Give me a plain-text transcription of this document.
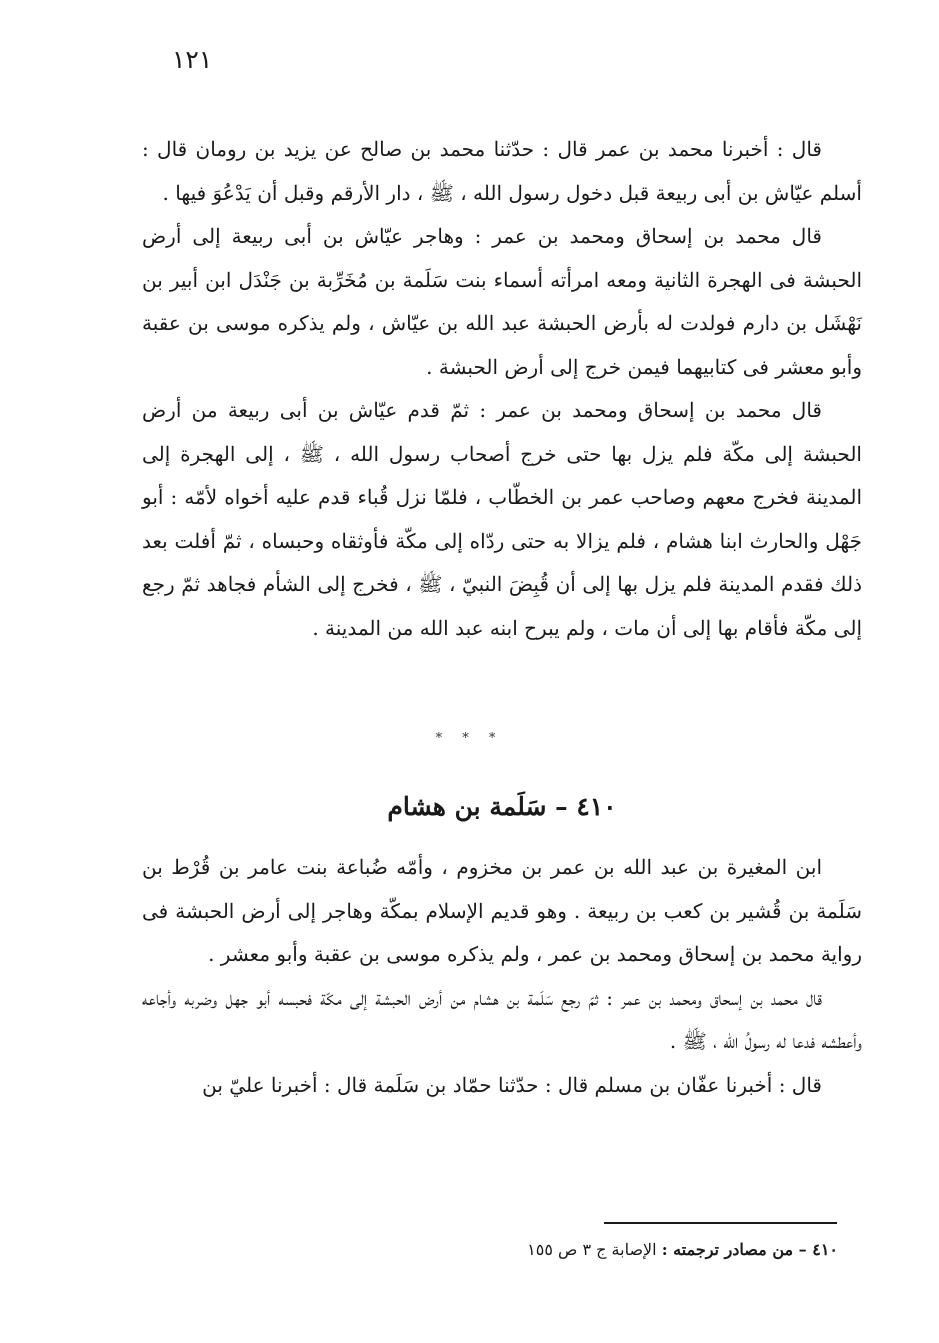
١٢١

قال : أخبرنا محمد بن عمر قال : حدّثنا محمد بن صالح عن يزيد بن رومان قال : أسلم عيّاش بن أبى ربيعة قبل دخول رسول الله ، ﷺ ، دار الأرقم وقبل أن يَدْعُوَ فيها .

قال محمد بن إسحاق ومحمد بن عمر : وهاجر عيّاش بن أبى ربيعة إلى أرض الحبشة فى الهجرة الثانية ومعه امرأته أسماء بنت سَلَمة بن مُخَرِّبة بن جَنْدَل ابن أبير بن نَهْشَل بن دارم فولدت له بأرض الحبشة عبد الله بن عيّاش ، ولم يذكره موسى بن عقبة وأبو معشر فى كتابيهما فيمن خرج إلى أرض الحبشة .

قال محمد بن إسحاق ومحمد بن عمر : ثمّ قدم عيّاش بن أبى ربيعة من أرض الحبشة إلى مكّة فلم يزل بها حتى خرج أصحاب رسول الله ، ﷺ ، إلى الهجرة إلى المدينة فخرج معهم وصاحب عمر بن الخطّاب ، فلمّا نزل قُباء قدم عليه أخواه لأمّه : أبو جَهْل والحارث ابنا هشام ، فلم يزالا به حتى ردّاه إلى مكّة فأوثقاه وحبساه ، ثمّ أفلت بعد ذلك فقدم المدينة فلم يزل بها إلى أن قُبِضَ النبيّ ، ﷺ ، فخرج إلى الشأم فجاهد ثمّ رجع إلى مكّة فأقام بها إلى أن مات ، ولم يبرح ابنه عبد الله من المدينة .

* * *
٤١٠ – سَلَمة بن هشام

ابن المغيرة بن عبد الله بن عمر بن مخزوم ، وأمّه ضُباعة بنت عامر بن قُرْط بن سَلَمة بن قُشير بن كعب بن ربيعة . وهو قديم الإسلام بمكّة وهاجر إلى أرض الحبشة فى رواية محمد بن إسحاق ومحمد بن عمر ، ولم يذكره موسى بن عقبة وأبو معشر .

قال محمد بن إسحاق ومحمد بن عمر : ثمّ رجع سَلَمة بن هشام من أرض الحبشة إلى مكّة فحبسه أبو جهل وضربه وأجاعه وأعطشه فدعا له رسولُ الله ، ﷺ .

قال : أخبرنا عفّان بن مسلم قال : حدّثنا حمّاد بن سَلَمة قال : أخبرنا عليّ بن

٤١٠ – من مصادر ترجمته : الإصابة ج ٣ ص ١٥٥
